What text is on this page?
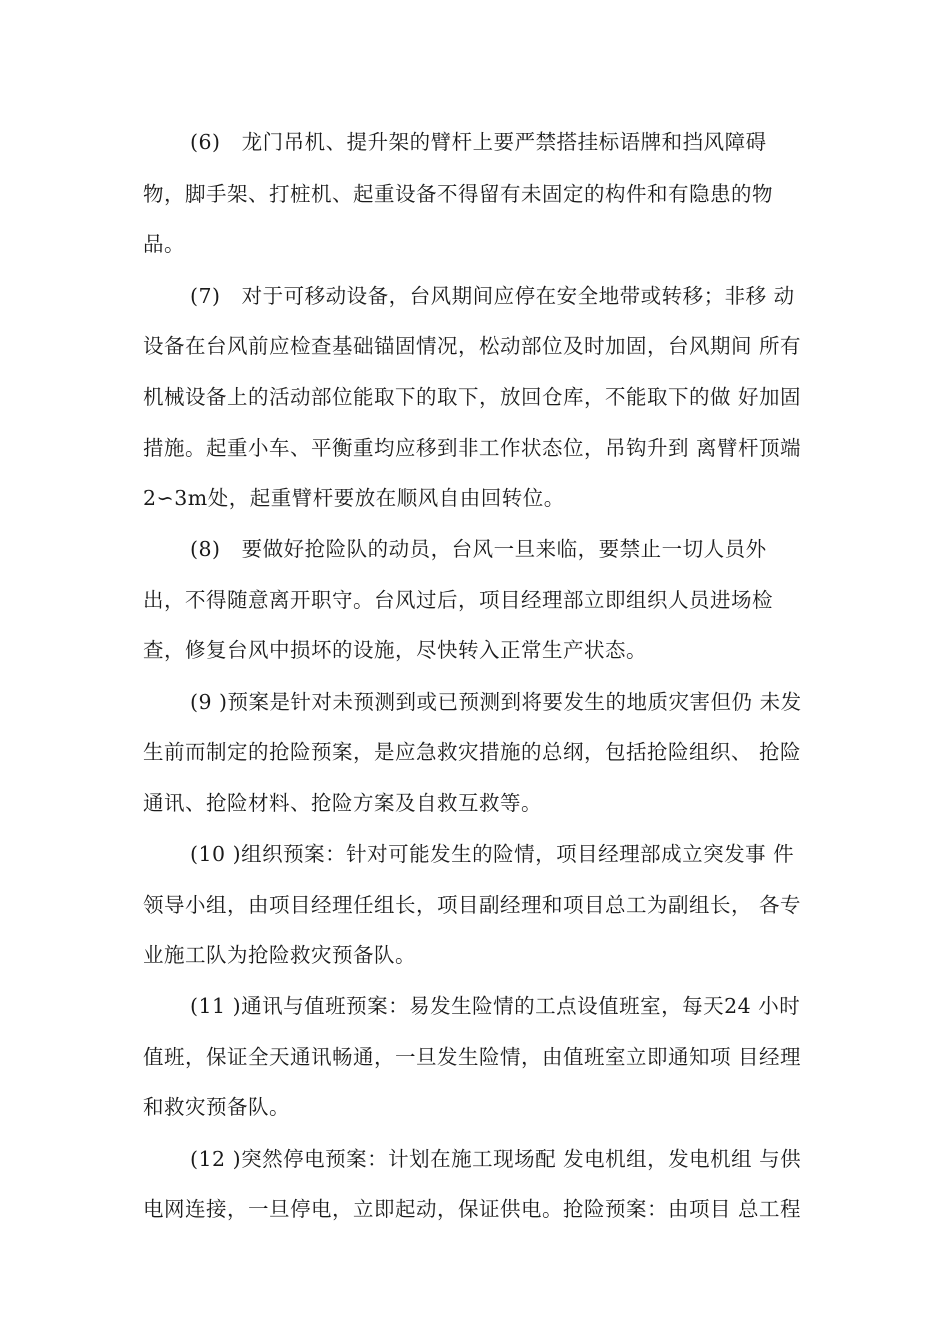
(6)   龙门吊机、提升架的臂杆上要严禁搭挂标语牌和挡风障碍
物，脚手架、打桩机、起重设备不得留有未固定的构件和有隐患的物
品。
(7)   对于可移动设备，台风期间应停在安全地带或转移；非移 动
设备在台风前应检查基础锚固情况，松动部位及时加固，台风期间 所有
机械设备上的活动部位能取下的取下，放回仓库，不能取下的做 好加固
措施。起重小车、平衡重均应移到非工作状态位，吊钩升到 离臂杆顶端
2∽3m处，起重臂杆要放在顺风自由回转位。
(8)   要做好抢险队的动员，台风一旦来临，要禁止一切人员外
出，不得随意离开职守。台风过后，项目经理部立即组织人员进场检
查，修复台风中损坏的设施，尽快转入正常生产状态。
(9 )预案是针对未预测到或已预测到将要发生的地质灾害但仍 未发
生前而制定的抢险预案，是应急救灾措施的总纲，包括抢险组织、 抢险
通讯、抢险材料、抢险方案及自救互救等。
(10 )组织预案：针对可能发生的险情，项目经理部成立突发事 件
领导小组，由项目经理任组长，项目副经理和项目总工为副组长， 各专
业施工队为抢险救灾预备队。
(11 )通讯与值班预案：易发生险情的工点设值班室，每天24 小时
值班，保证全天通讯畅通，一旦发生险情，由值班室立即通知项 目经理
和救灾预备队。
(12 )突然停电预案：计划在施工现场配 发电机组，发电机组 与供
电网连接，一旦停电，立即起动，保证供电。抢险预案：由项目 总工程
